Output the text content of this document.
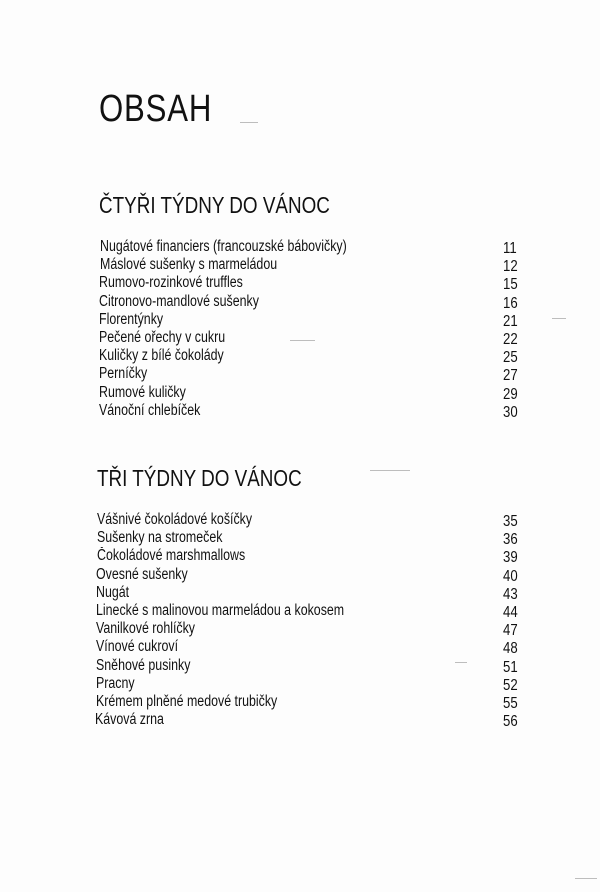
OBSAH
ČTYŘI TÝDNY DO VÁNOC
Nugátové financiers (francouzské bábovičky)	11
Máslové sušenky s marmeládou	12
Rumovo-rozinkové truffles	15
Citronovo-mandlové sušenky	16
Florentýnky	21
Pečené ořechy v cukru	22
Kuličky z bílé čokolády	25
Perníčky	27
Rumové kuličky	29
Vánoční chlebíček	30
TŘI TÝDNY DO VÁNOC
Vášnivé čokoládové košíčky	35
Sušenky na stromeček	36
Čokoládové marshmallows	39
Ovesné sušenky	40
Nugát	43
Linecké s malinovou marmeládou a kokosem	44
Vanilkové rohlíčky	47
Vínové cukroví	48
Sněhové pusinky	51
Pracny	52
Krémem plněné medové trubičky	55
Kávová zrna	56
